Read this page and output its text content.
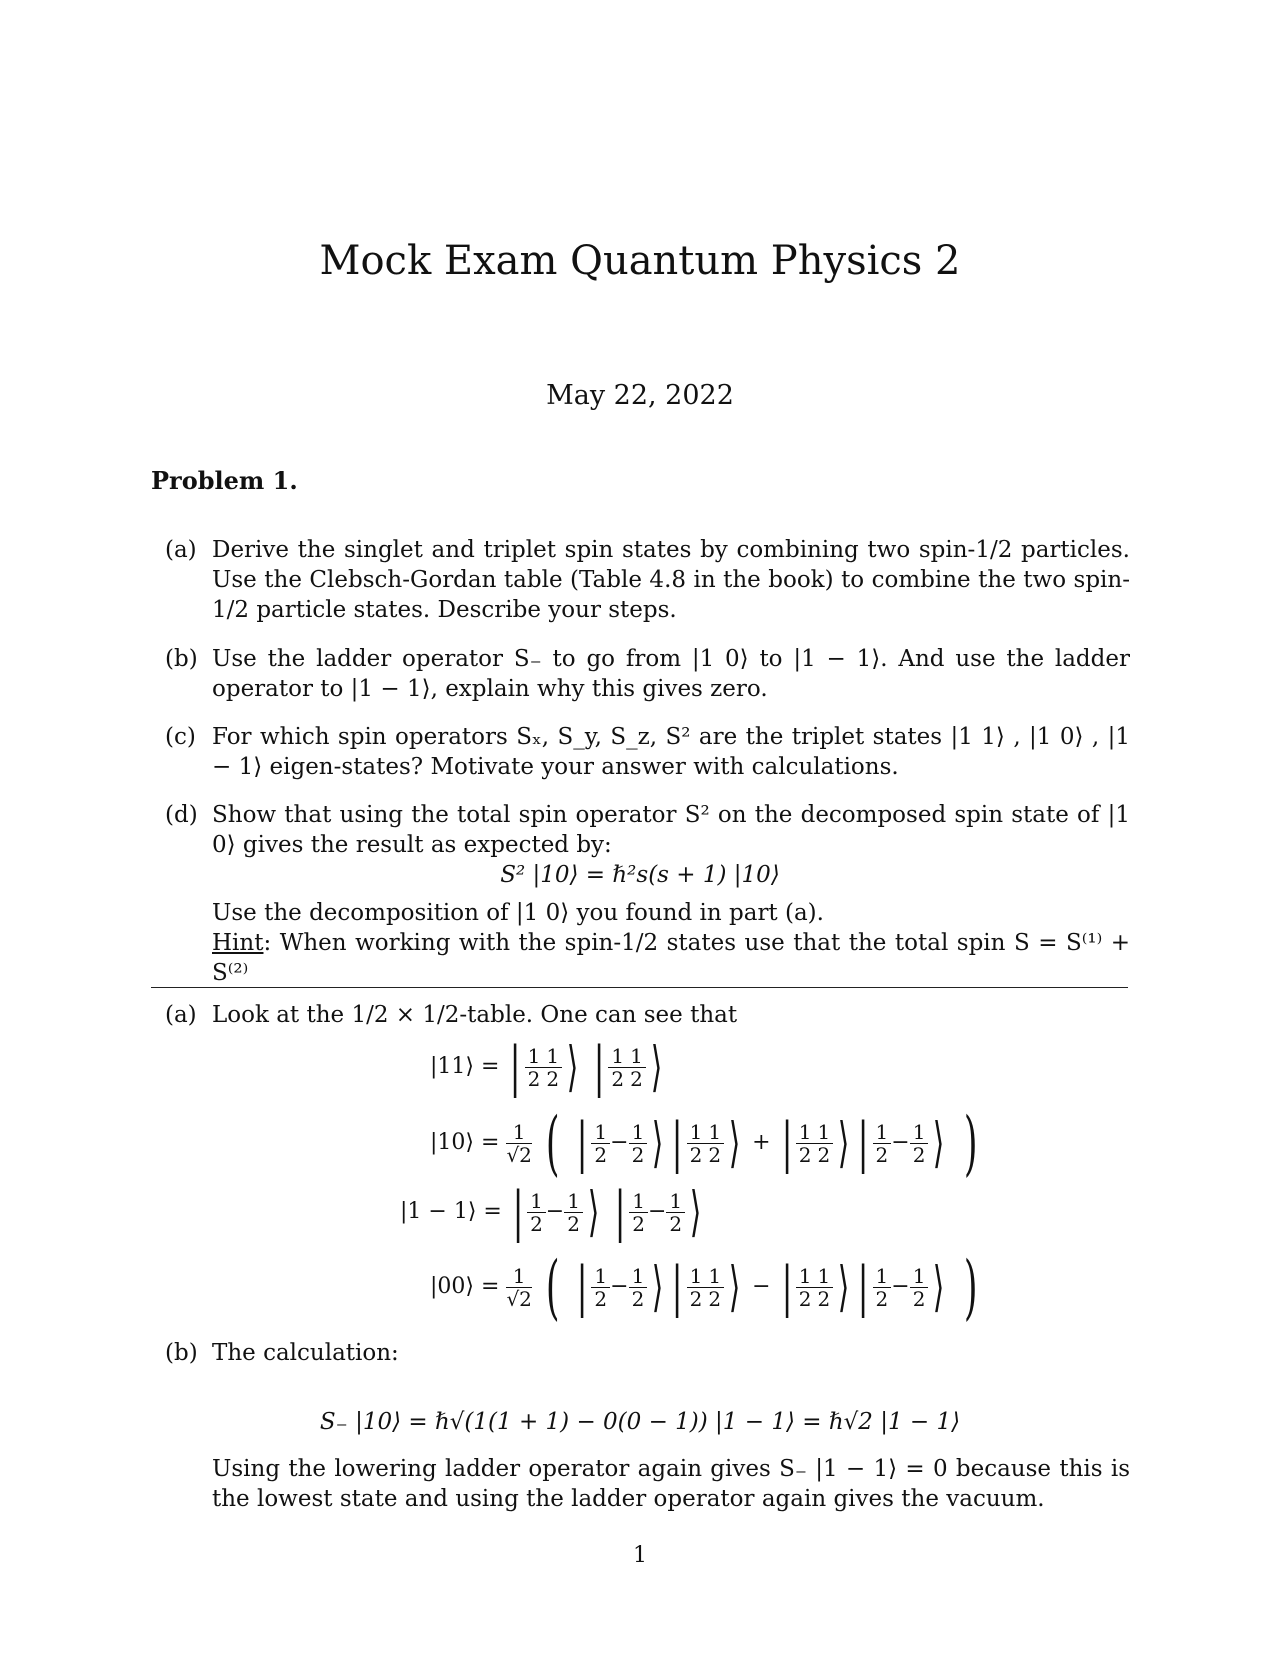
Mock Exam Quantum Physics 2
May 22, 2022
Problem 1.
(a) Derive the singlet and triplet spin states by combining two spin-1/2 particles. Use the Clebsch-Gordan table (Table 4.8 in the book) to combine the two spin-1/2 particle states. Describe your steps.
(b) Use the ladder operator S₋ to go from |1 0⟩ to |1 − 1⟩. And use the ladder operator to |1 − 1⟩, explain why this gives zero.
(c) For which spin operators Sₓ, S_y, S_z, S² are the triplet states |1 1⟩ , |1 0⟩ , |1 − 1⟩ eigen-states? Motivate your answer with calculations.
(d) Show that using the total spin operator S² on the decomposed spin state of |1 0⟩ gives the result as expected by:
S² |10⟩ = ℏ²s(s + 1) |10⟩
Use the decomposition of |1 0⟩ you found in part (a).
Hint: When working with the spin-1/2 states use that the total spin S = S⁽¹⁾ + S⁽²⁾
(a) Look at the 1/2 × 1/2-table. One can see that
|11⟩ = | $\frac{1}{2} \frac{1}{2}$ ⟩ | $\frac{1}{2} \frac{1}{2}$ ⟩
|10⟩ = $\frac{1}{√2}$ ( | $\frac{1}{2} - \frac{1}{2}$ ⟩ | $\frac{1}{2} \frac{1}{2}$ ⟩ + | $\frac{1}{2} \frac{1}{2}$ ⟩ | $\frac{1}{2} - \frac{1}{2}$ ⟩ )
|1 − 1⟩ = | $\frac{1}{2} - \frac{1}{2}$ ⟩ | $\frac{1}{2} - \frac{1}{2}$ ⟩
|00⟩ = $\frac{1}{√2}$ ( | $\frac{1}{2} - \frac{1}{2}$ ⟩ | $\frac{1}{2} \frac{1}{2}$ ⟩ − | $\frac{1}{2} \frac{1}{2}$ ⟩ | $\frac{1}{2} - \frac{1}{2}$ ⟩ )
(b) The calculation:
S₋ |10⟩ = ℏ√(1(1 + 1) − 0(0 − 1)) |1 − 1⟩ = ℏ√2 |1 − 1⟩
Using the lowering ladder operator again gives S₋ |1 − 1⟩ = 0 because this is the lowest state and using the ladder operator again gives the vacuum.
1
